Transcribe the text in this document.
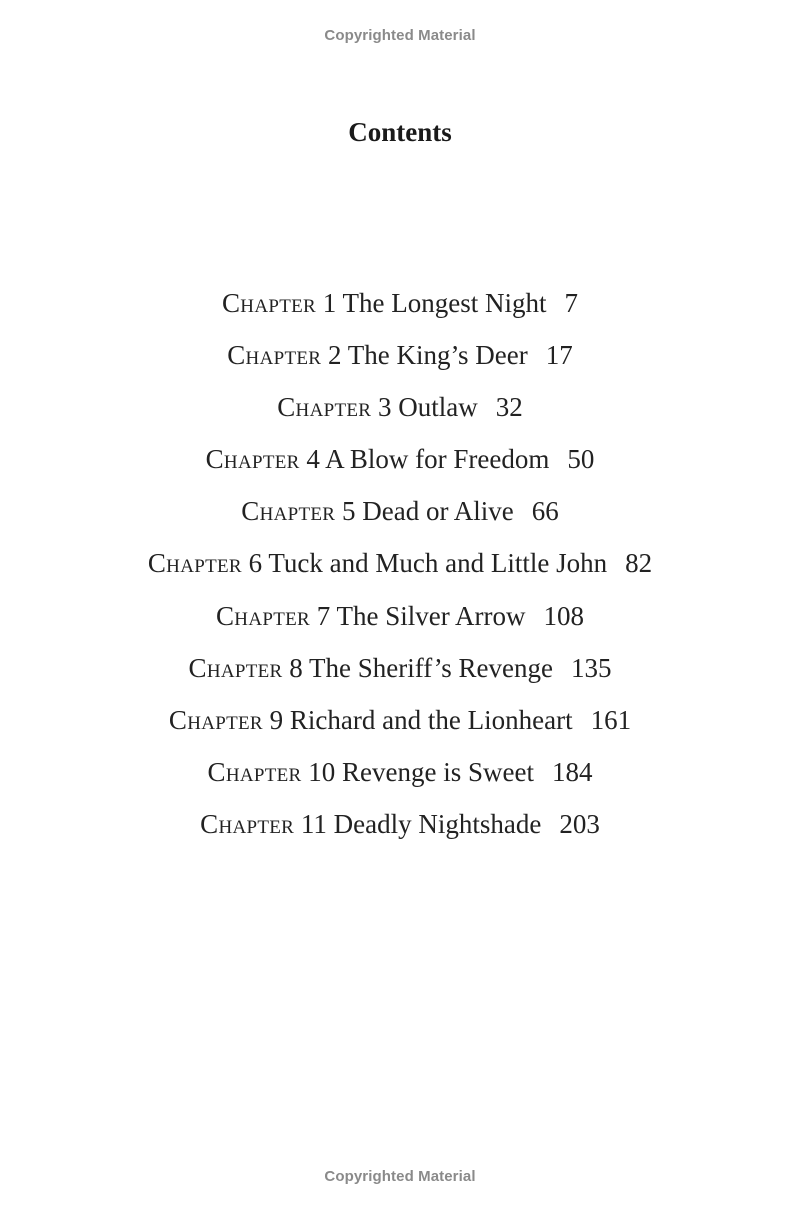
Copyrighted Material
Contents
Chapter 1 The Longest Night 7
Chapter 2 The King’s Deer 17
Chapter 3 Outlaw 32
Chapter 4 A Blow for Freedom 50
Chapter 5 Dead or Alive 66
Chapter 6 Tuck and Much and Little John 82
Chapter 7 The Silver Arrow 108
Chapter 8 The Sheriff’s Revenge 135
Chapter 9 Richard and the Lionheart 161
Chapter 10 Revenge is Sweet 184
Chapter 11 Deadly Nightshade 203
Copyrighted Material
